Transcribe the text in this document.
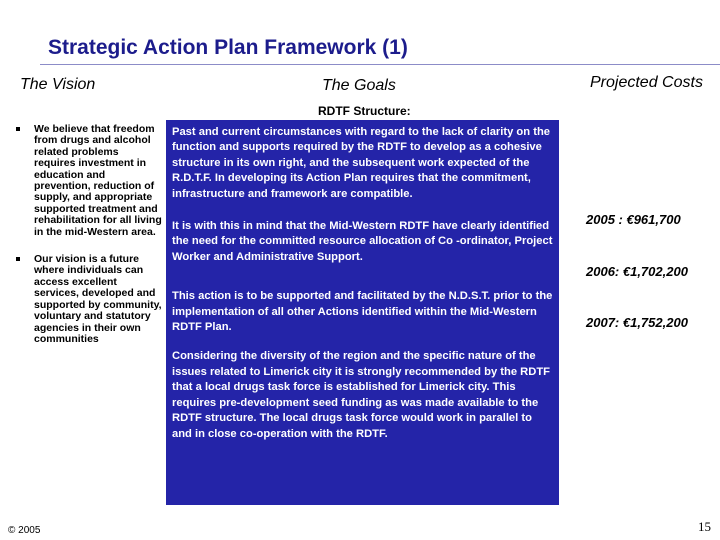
Strategic Action Plan Framework (1)
The Vision	The Goals	Projected Costs
We believe that freedom from drugs and alcohol related problems requires investment in education and prevention, reduction of supply, and appropriate supported treatment and rehabilitation for all living in the mid-Western area.
Our vision is a future where individuals can access excellent services, developed and supported by community, voluntary and statutory agencies in their own communities
RDTF Structure:

Past and current circumstances with regard to the lack of clarity on the function and supports required by the RDTF to develop as a cohesive structure in its own right, and the subsequent work expected of the R.D.T.F. In developing its Action Plan requires that the commitment, infrastructure and framework are compatible.

It is with this in mind that the Mid-Western RDTF have clearly identified the need for the committed resource allocation of Co -ordinator, Project Worker and Administrative Support.

This action is to be supported and facilitated by the N.D.S.T. prior to the implementation of all other Actions identified within the Mid-Western RDTF Plan.

Considering the diversity of the region and the specific nature of the issues related to Limerick city it is strongly recommended by the RDTF that a local drugs task force is established for Limerick city. This requires pre-development seed funding as was made available to the RDTF structure. The local drugs task force would work in parallel to and in close co-operation with the RDTF.

2005 : €961,700
2006: €1,702,200
2007: €1,752,200
© 2005	15
